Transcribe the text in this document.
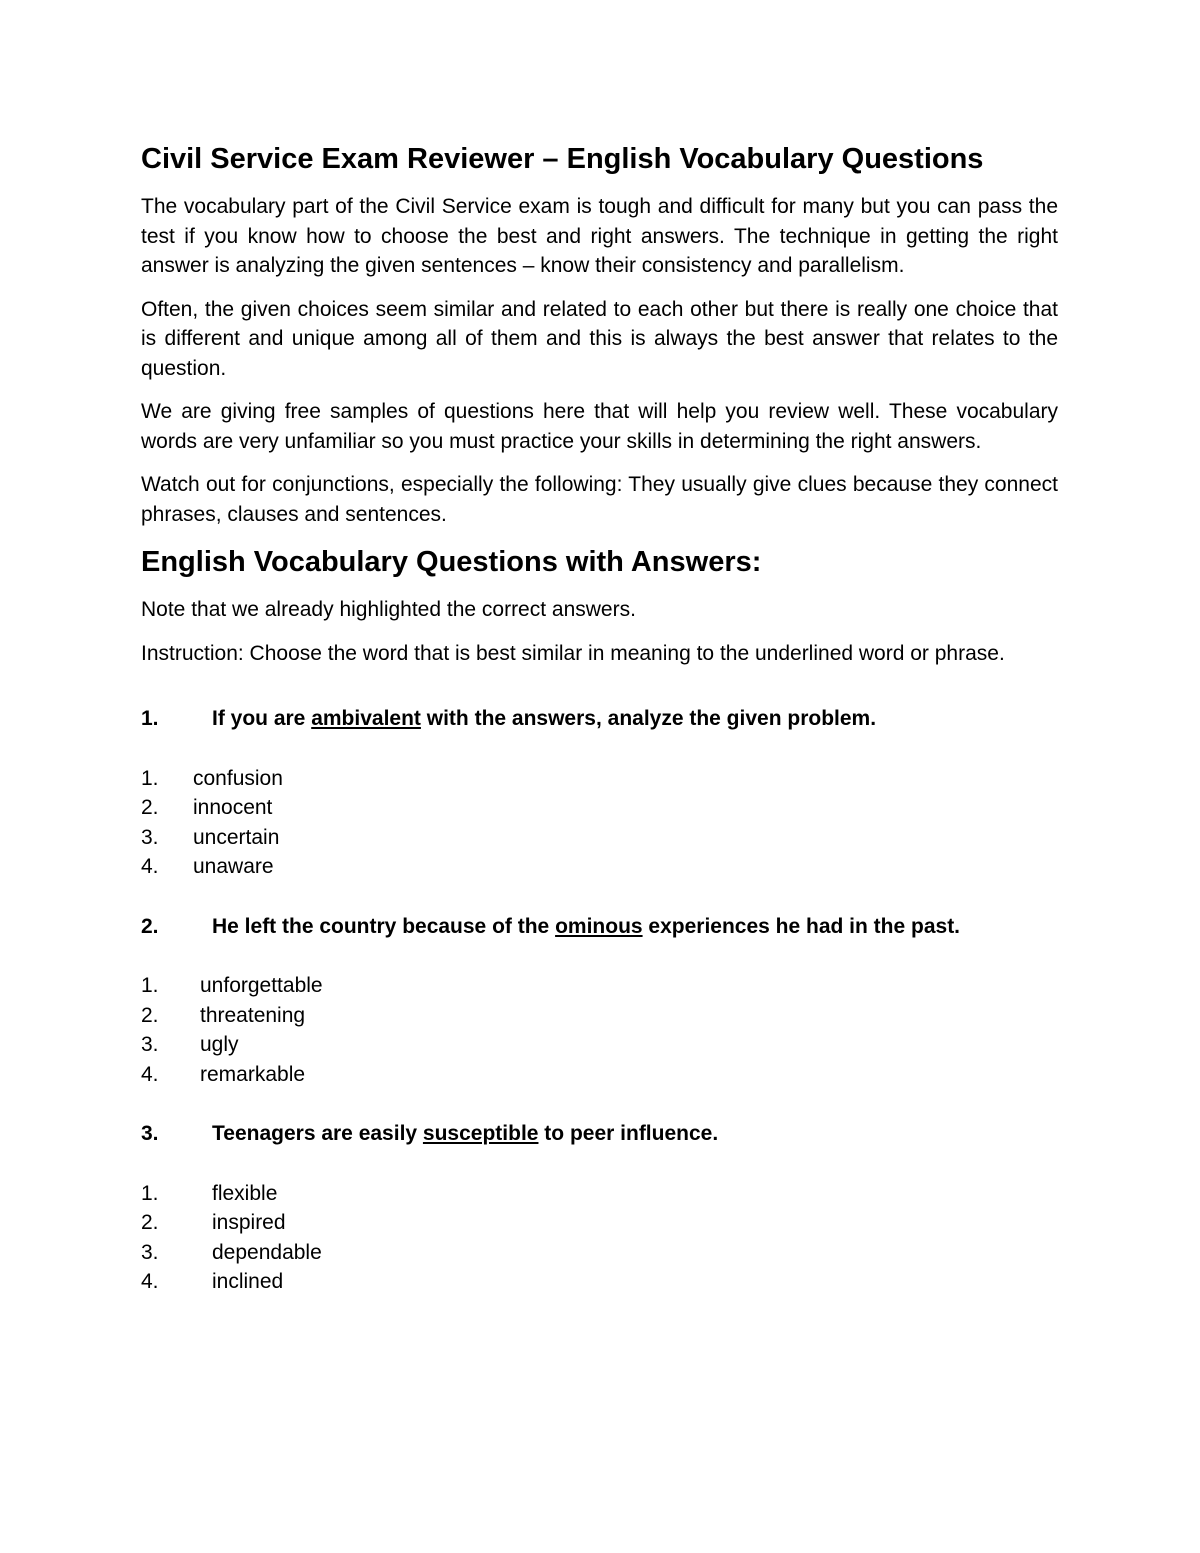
Civil Service Exam Reviewer – English Vocabulary Questions

The vocabulary part of the Civil Service exam is tough and difficult for many but you can pass the test if you know how to choose the best and right answers. The technique in getting the right answer is analyzing the given sentences – know their consistency and parallelism.

Often, the given choices seem similar and related to each other but there is really one choice that is different and unique among all of them and this is always the best answer that relates to the question.

We are giving free samples of questions here that will help you review well. These vocabulary words are very unfamiliar so you must practice your skills in determining the right answers.

Watch out for conjunctions, especially the following: They usually give clues because they connect phrases, clauses and sentences.

English Vocabulary Questions with Answers:

Note that we already highlighted the correct answers.

Instruction: Choose the word that is best similar in meaning to the underlined word or phrase.

1.	If you are ambivalent with the answers, analyze the given problem.
1.	confusion
2.	innocent
3.	uncertain
4.	unaware
2.	He left the country because of the ominous experiences he had in the past.
1.	unforgettable
2.	threatening
3.	ugly
4.	remarkable
3.	Teenagers are easily susceptible to peer influence.
1.	flexible
2.	inspired
3.	dependable
4.	inclined
